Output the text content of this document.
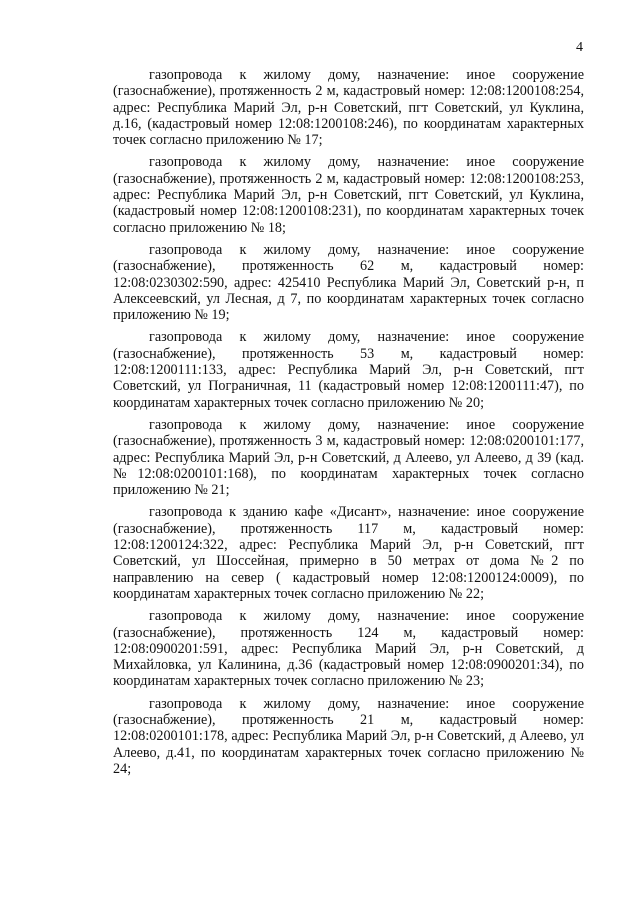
4

газопровода к жилому дому, назначение: иное сооружение (газоснабжение), протяженность 2 м, кадастровый номер: 12:08:1200108:254, адрес: Республика Марий Эл, р-н Советский, пгт Советский, ул Куклина, д.16, (кадастровый номер 12:08:1200108:246), по координатам характерных точек согласно приложению № 17;

газопровода к жилому дому, назначение: иное сооружение (газоснабжение), протяженность 2 м, кадастровый номер: 12:08:1200108:253, адрес: Республика Марий Эл, р-н Советский, пгт Советский, ул Куклина, (кадастровый номер 12:08:1200108:231), по координатам характерных точек согласно приложению № 18;

газопровода к жилому дому, назначение: иное сооружение (газоснабжение), протяженность 62 м, кадастровый номер: 12:08:0230302:590, адрес: 425410 Республика Марий Эл, Советский р-н, п Алексеевский, ул Лесная, д 7, по координатам характерных точек согласно приложению № 19;

газопровода к жилому дому, назначение: иное сооружение (газоснабжение), протяженность 53 м, кадастровый номер: 12:08:1200111:133, адрес: Республика Марий Эл, р-н Советский, пгт Советский, ул Пограничная, 11 (кадастровый номер 12:08:1200111:47), по координатам характерных точек согласно приложению № 20;

газопровода к жилому дому, назначение: иное сооружение (газоснабжение), протяженность 3 м, кадастровый номер: 12:08:0200101:177, адрес: Республика Марий Эл, р-н Советский, д Алеево, ул Алеево, д 39 (кад. №12:08:0200101:168), по координатам характерных точек согласно приложению № 21;

газопровода к зданию кафе «Дисант», назначение: иное сооружение (газоснабжение), протяженность 117 м, кадастровый номер: 12:08:1200124:322, адрес: Республика Марий Эл, р-н Советский, пгт Советский, ул Шоссейная, примерно в 50 метрах от дома №2 по направлению на север ( кадастровый номер 12:08:1200124:0009), по координатам характерных точек согласно приложению № 22;

газопровода к жилому дому, назначение: иное сооружение (газоснабжение), протяженность 124 м, кадастровый номер: 12:08:0900201:591, адрес: Республика Марий Эл, р-н Советский, д Михайловка, ул Калинина, д.36 (кадастровый номер 12:08:0900201:34), по координатам характерных точек согласно приложению № 23;

газопровода к жилому дому, назначение: иное сооружение (газоснабжение), протяженность 21 м, кадастровый номер: 12:08:0200101:178, адрес: Республика Марий Эл, р-н Советский, д Алеево, ул Алеево, д.41, по координатам характерных точек согласно приложению № 24;
